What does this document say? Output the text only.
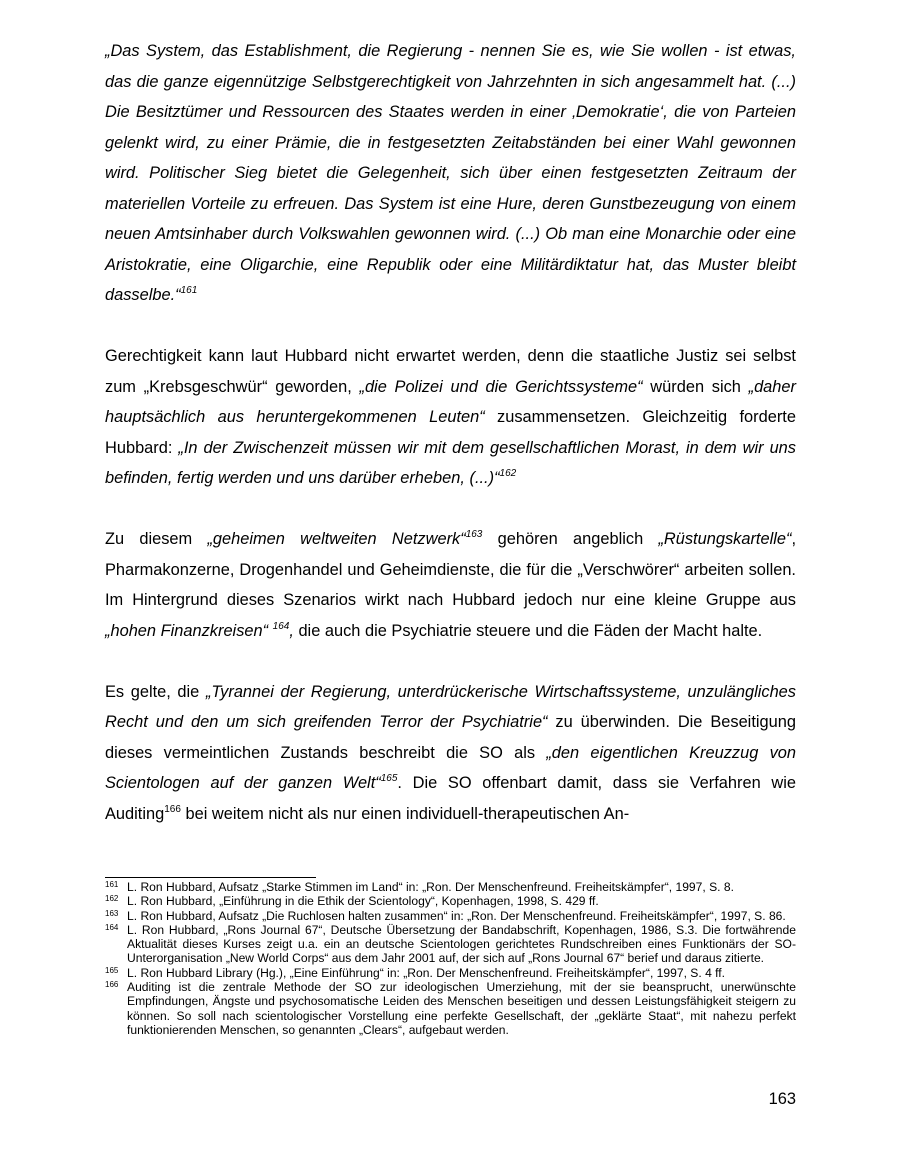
„Das System, das Establishment, die Regierung - nennen Sie es, wie Sie wollen - ist etwas, das die ganze eigennützige Selbstgerechtigkeit von Jahrzehnten in sich angesammelt hat. (...) Die Besitztümer und Ressourcen des Staates werden in einer ‚Demokratie‘, die von Parteien gelenkt wird, zu einer Prämie, die in festgesetzten Zeitabständen bei einer Wahl gewonnen wird. Politischer Sieg bietet die Gelegenheit, sich über einen festgesetzten Zeitraum der materiellen Vorteile zu erfreuen. Das System ist eine Hure, deren Gunstbezeugung von einem neuen Amtsinhaber durch Volkswahlen gewonnen wird. (...) Ob man eine Monarchie oder eine Aristokratie, eine Oligarchie, eine Republik oder eine Militärdiktatur hat, das Muster bleibt dasselbe.“$^{161}$

Gerechtigkeit kann laut Hubbard nicht erwartet werden, denn die staatliche Justiz sei selbst zum „Krebsgeschwür“ geworden, „die Polizei und die Gerichtssysteme“ würden sich „daher hauptsächlich aus heruntergekommenen Leuten“ zusammensetzen. Gleichzeitig forderte Hubbard: „In der Zwischenzeit müssen wir mit dem gesellschaftlichen Morast, in dem wir uns befinden, fertig werden und uns darüber erheben, (...)“$^{162}$

Zu diesem „geheimen weltweiten Netzwerk“$^{163}$ gehören angeblich „Rüstungskartelle“, Pharmakonzerne, Drogenhandel und Geheimdienste, die für die „Verschwörer“ arbeiten sollen. Im Hintergrund dieses Szenarios wirkt nach Hubbard jedoch nur eine kleine Gruppe aus „hohen Finanzkreisen“ $^{164}$, die auch die Psychiatrie steuere und die Fäden der Macht halte.

Es gelte, die „Tyrannei der Regierung, unterdrückerische Wirtschaftssysteme, unzulängliches Recht und den um sich greifenden Terror der Psychiatrie“ zu überwinden. Die Beseitigung dieses vermeintlichen Zustands beschreibt die SO als „den eigentlichen Kreuzzug von Scientologen auf der ganzen Welt“$^{165}$. Die SO offenbart damit, dass sie Verfahren wie Auditing$^{166}$ bei weitem nicht als nur einen individuell-therapeutischen An-

161 L. Ron Hubbard, Aufsatz „Starke Stimmen im Land“ in: „Ron. Der Menschenfreund. Freiheitskämpfer“, 1997, S. 8.
162 L. Ron Hubbard, „Einführung in die Ethik der Scientology“, Kopenhagen, 1998, S. 429 ff.
163 L. Ron Hubbard, Aufsatz „Die Ruchlosen halten zusammen“ in: „Ron. Der Menschenfreund. Freiheitskämpfer“, 1997, S. 86.
164 L. Ron Hubbard, „Rons Journal 67“, Deutsche Übersetzung der Bandabschrift, Kopenhagen, 1986, S.3. Die fortwährende Aktualität dieses Kurses zeigt u.a. ein an deutsche Scientologen gerichtetes Rundschreiben eines Funktionärs der SO-Unterorganisation „New World Corps“ aus dem Jahr 2001 auf, der sich auf „Rons Journal 67“ berief und daraus zitierte.
165 L. Ron Hubbard Library (Hg.), „Eine Einführung“ in: „Ron. Der Menschenfreund. Freiheitskämpfer“, 1997, S. 4 ff.
166 Auditing ist die zentrale Methode der SO zur ideologischen Umerziehung, mit der sie beansprucht, unerwünschte Empfindungen, Ängste und psychosomatische Leiden des Menschen beseitigen und dessen Leistungsfähigkeit steigern zu können. So soll nach scientologischer Vorstellung eine perfekte Gesellschaft, der „geklärte Staat“, mit nahezu perfekt funktionierenden Menschen, so genannten „Clears“, aufgebaut werden.
163
